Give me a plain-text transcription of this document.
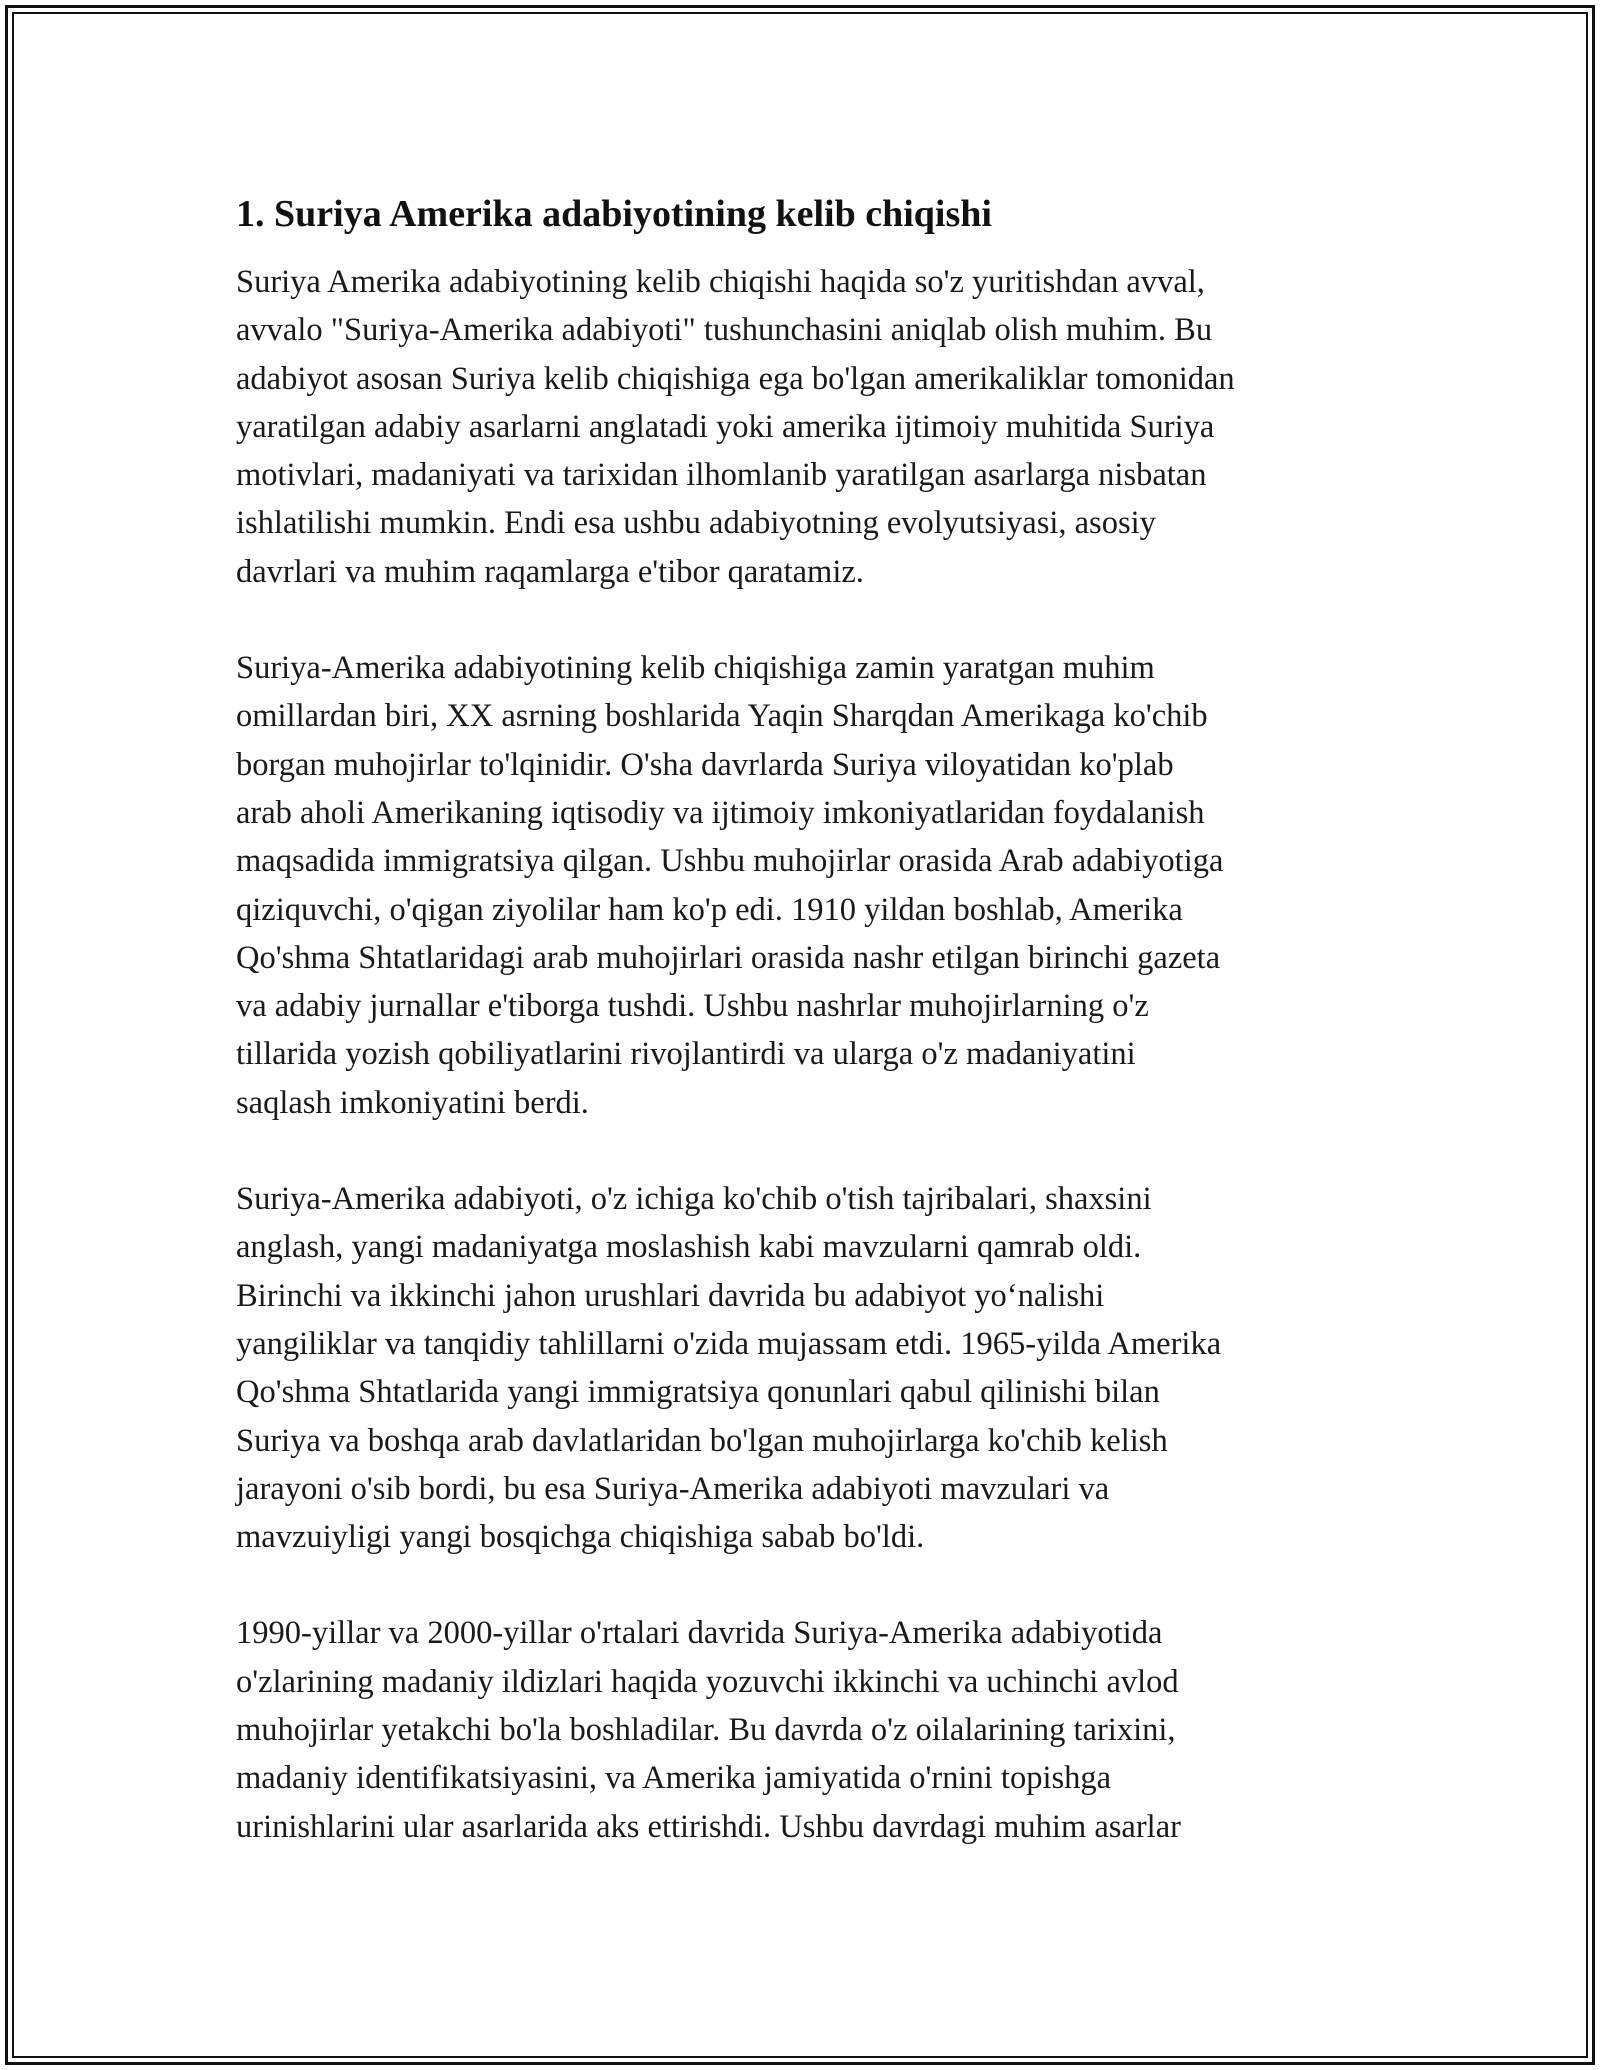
1. Suriya Amerika adabiyotining kelib chiqishi
Suriya Amerika adabiyotining kelib chiqishi haqida so'z yuritishdan avval,
avvalo "Suriya-Amerika adabiyoti" tushunchasini aniqlab olish muhim. Bu
adabiyot asosan Suriya kelib chiqishiga ega bo'lgan amerikaliklar tomonidan
yaratilgan adabiy asarlarni anglatadi yoki amerika ijtimoiy muhitida Suriya
motivlari, madaniyati va tarixidan ilhomlanib yaratilgan asarlarga nisbatan
ishlatilishi mumkin. Endi esa ushbu adabiyotning evolyutsiyasi, asosiy
davrlari va muhim raqamlarga e'tibor qaratamiz.
Suriya-Amerika adabiyotining kelib chiqishiga zamin yaratgan muhim
omillardan biri, XX asrning boshlarida Yaqin Sharqdan Amerikaga ko'chib
borgan muhojirlar to'lqinidir. O'sha davrlarda Suriya viloyatidan ko'plab
arab aholi Amerikaning iqtisodiy va ijtimoiy imkoniyatlaridan foydalanish
maqsadida immigratsiya qilgan. Ushbu muhojirlar orasida Arab adabiyotiga
qiziquvchi, o'qigan ziyolilar ham ko'p edi. 1910 yildan boshlab, Amerika
Qo'shma Shtatlaridagi arab muhojirlari orasida nashr etilgan birinchi gazeta
va adabiy jurnallar e'tiborga tushdi. Ushbu nashrlar muhojirlarning o'z
tillarida yozish qobiliyatlarini rivojlantirdi va ularga o'z madaniyatini
saqlash imkoniyatini berdi.
Suriya-Amerika adabiyoti, o'z ichiga ko'chib o'tish tajribalari, shaxsini
anglash, yangi madaniyatga moslashish kabi mavzularni qamrab oldi.
Birinchi va ikkinchi jahon urushlari davrida bu adabiyot yo‘nalishi
yangiliklar va tanqidiy tahlillarni o'zida mujassam etdi. 1965-yilda Amerika
Qo'shma Shtatlarida yangi immigratsiya qonunlari qabul qilinishi bilan
Suriya va boshqa arab davlatlaridan bo'lgan muhojirlarga ko'chib kelish
jarayoni o'sib bordi, bu esa Suriya-Amerika adabiyoti mavzulari va
mavzuiyligi yangi bosqichga chiqishiga sabab bo'ldi.
1990-yillar va 2000-yillar o'rtalari davrida Suriya-Amerika adabiyotida
o'zlarining madaniy ildizlari haqida yozuvchi ikkinchi va uchinchi avlod
muhojirlar yetakchi bo'la boshladilar. Bu davrda o'z oilalarining tarixini,
madaniy identifikatsiyasini, va Amerika jamiyatida o'rnini topishga
urinishlarini ular asarlarida aks ettirishdi. Ushbu davrdagi muhim asarlar
